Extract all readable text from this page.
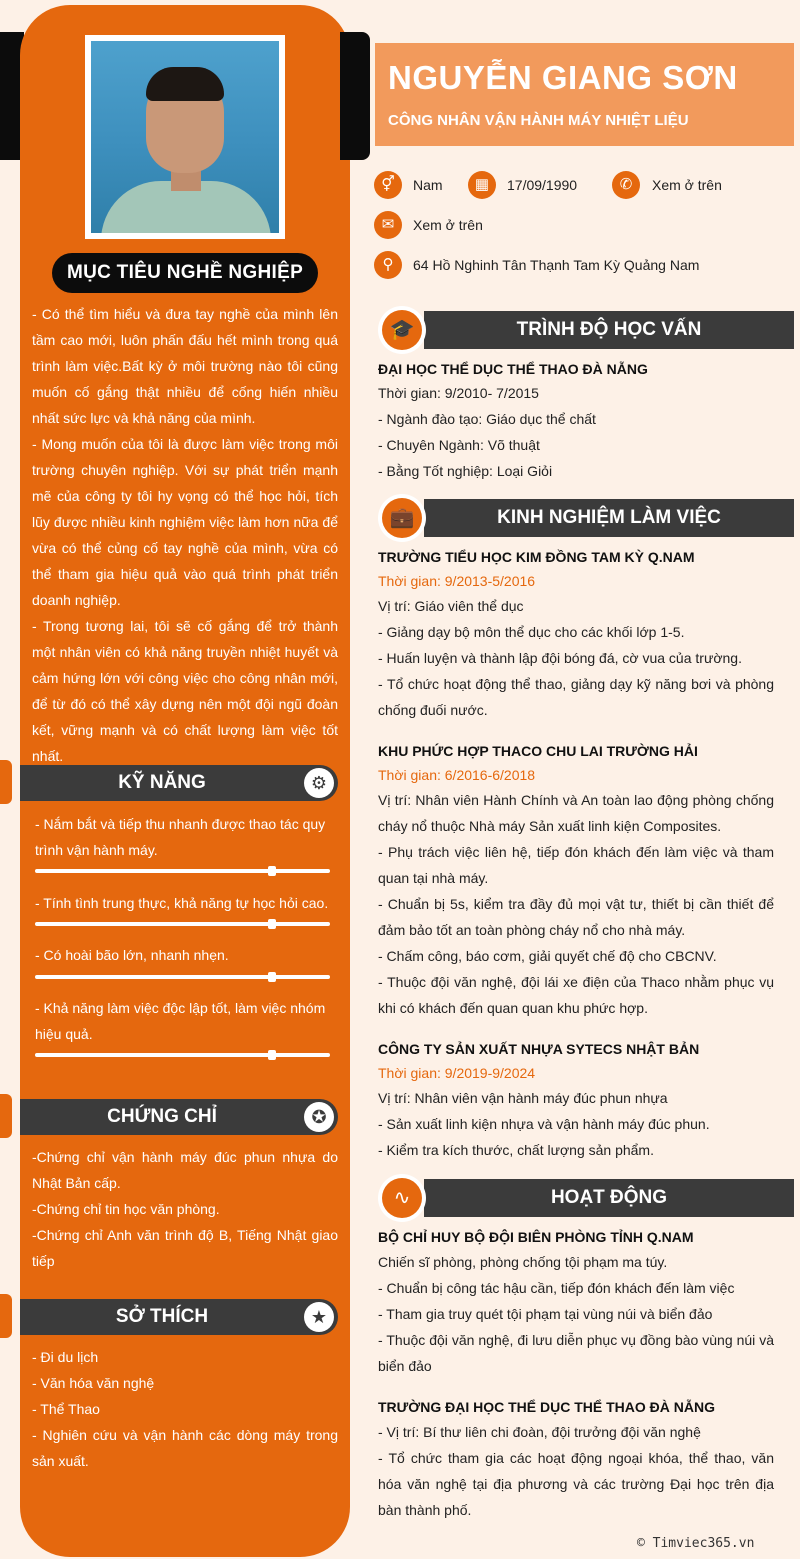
MỤC TIÊU NGHỀ NGHIỆP

- Có thể tìm hiểu và đưa tay nghề của mình lên tầm cao mới, luôn phấn đấu hết mình trong quá trình làm việc.Bất kỳ ở môi trường nào tôi cũng muốn cố gắng thật nhiều để cống hiến nhiều nhất sức lực và khả năng của mình.

- Mong muốn của tôi là được làm việc trong môi trường chuyên nghiệp. Với sự phát triển mạnh mẽ của công ty tôi hy vọng có thể học hỏi, tích lũy được nhiều kinh nghiệm việc làm hơn nữa để vừa có thể củng cố tay nghề của mình, vừa có thể tham gia hiệu quả vào quá trình phát triển doanh nghiệp.

- Trong tương lai, tôi sẽ cố gắng để trở thành một nhân viên có khả năng truyền nhiệt huyết và cảm hứng lớn với công việc cho công nhân mới, để từ đó có thể xây dựng nên một đội ngũ đoàn kết, vững mạnh và có chất lượng làm việc tốt nhất.

KỸ NĂNG	⚙
- Nắm bắt và tiếp thu nhanh được thao tác quy trình vận hành máy.
- Tính tình trung thực, khả năng tự học hỏi cao.
- Có hoài bão lớn, nhanh nhẹn.
- Khả năng làm việc độc lập tốt, làm việc nhóm hiệu quả.
CHỨNG CHỈ	✪

-Chứng chỉ vận hành máy đúc phun nhựa do Nhật Bản cấp.

-Chứng chỉ tin học văn phòng.

-Chứng chỉ Anh văn trình độ B, Tiếng Nhật giao tiếp

SỞ THÍCH	★

- Đi du lịch

- Văn hóa văn nghệ

- Thể Thao

- Nghiên cứu và vận hành các dòng máy trong sản xuất.

NGUYỄN GIANG SƠN
CÔNG NHÂN VẬN HÀNH MÁY NHIỆT LIỆU
⚥	Nam	▦	17/09/1990	✆	Xem ở trên
✉	Xem ở trên
⚲	64 Hồ Nghinh Tân Thạnh Tam Kỳ Quảng Nam
TRÌNH ĐỘ HỌC VẤN
🎓
ĐẠI HỌC THỂ DỤC THỂ THAO ĐÀ NẴNG

Thời gian: 9/2010- 7/2015

- Ngành đào tạo: Giáo dục thể chất

- Chuyên Ngành: Võ thuật

- Bằng Tốt nghiệp: Loại Giỏi

KINH NGHIỆM LÀM VIỆC
💼
TRƯỜNG TIỂU HỌC KIM ĐỒNG TAM KỲ Q.NAM
Thời gian: 9/2013-5/2016

Vị trí: Giáo viên thể dục

- Giảng dạy bộ môn thể dục cho các khối lớp 1-5.

- Huấn luyện và thành lập đội bóng đá, cờ vua của trường.

- Tổ chức hoạt động thể thao, giảng dạy kỹ năng bơi và phòng chống đuối nước.

KHU PHỨC HỢP THACO CHU LAI TRƯỜNG HẢI
Thời gian: 6/2016-6/2018

Vị trí: Nhân viên Hành Chính và An toàn lao động phòng chống cháy nổ thuộc Nhà máy Sản xuất linh kiện Composites.

- Phụ trách việc liên hệ, tiếp đón khách đến làm việc và tham quan tại nhà máy.

- Chuẩn bị 5s, kiểm tra đầy đủ mọi vật tư, thiết bị cần thiết để đảm bảo tốt an toàn phòng cháy nổ cho nhà máy.

- Chấm công, báo cơm, giải quyết chế độ cho CBCNV.

- Thuộc đội văn nghệ, đội lái xe điện của Thaco nhằm phục vụ khi có khách đến quan quan khu phức hợp.

CÔNG TY SẢN XUẤT NHỰA SYTECS NHẬT BẢN
Thời gian: 9/2019-9/2024

Vị trí: Nhân viên vận hành máy đúc phun nhựa

- Sản xuất linh kiện nhựa và vận hành máy đúc phun.

- Kiểm tra kích thước, chất lượng sản phẩm.

HOẠT ĐỘNG
∿
BỘ CHỈ HUY BỘ ĐỘI BIÊN PHÒNG TỈNH Q.NAM

Chiến sĩ phòng, phòng chống tội phạm ma túy.

- Chuẩn bị công tác hậu cần, tiếp đón khách đến làm việc

- Tham gia truy quét tội phạm tại vùng núi và biển đảo

- Thuộc đội văn nghệ, đi lưu diễn phục vụ đồng bào vùng núi và biển đảo

TRƯỜNG ĐẠI HỌC THỂ DỤC THỂ THAO ĐÀ NẴNG

- Vị trí: Bí thư liên chi đoàn, đội trưởng đội văn nghệ

- Tổ chức tham gia các hoạt động ngoại khóa, thể thao, văn hóa văn nghệ tại địa phương và các trường Đại học trên địa bàn thành phố.

© Timviec365.vn
